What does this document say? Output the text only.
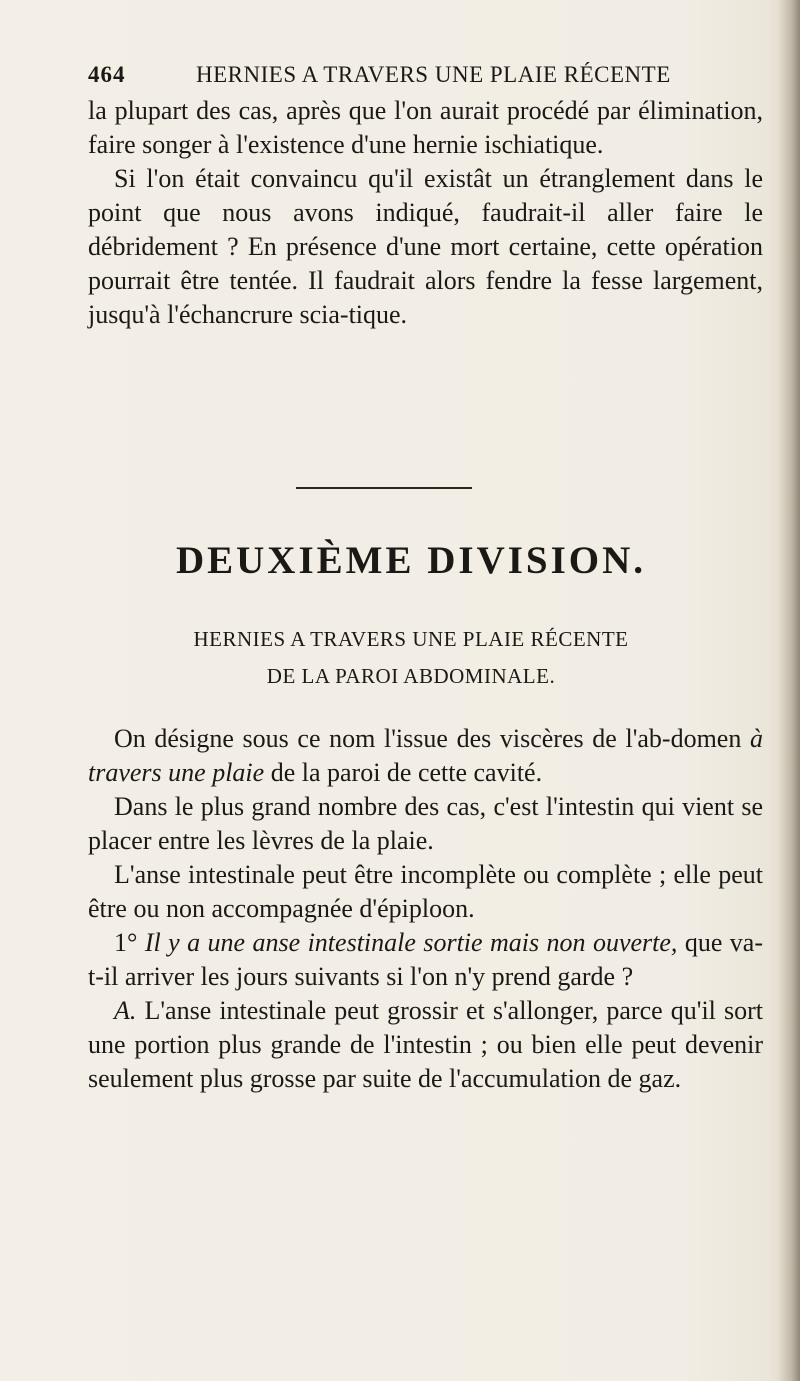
464	HERNIES A TRAVERS UNE PLAIE RÉCENTE

la plupart des cas, après que l'on aurait procédé par élimination, faire songer à l'existence d'une hernie ischiatique.

Si l'on était convaincu qu'il existât un étranglement dans le point que nous avons indiqué, faudrait-il aller faire le débridement ? En présence d'une mort certaine, cette opération pourrait être tentée. Il faudrait alors fendre la fesse largement, jusqu'à l'échancrure scia-tique.

DEUXIÈME DIVISION.
HERNIES A TRAVERS UNE PLAIE RÉCENTE
DE LA PAROI ABDOMINALE.

On désigne sous ce nom l'issue des viscères de l'ab-domen à travers une plaie de la paroi de cette cavité.

Dans le plus grand nombre des cas, c'est l'intestin qui vient se placer entre les lèvres de la plaie.

L'anse intestinale peut être incomplète ou complète ; elle peut être ou non accompagnée d'épiploon.

1° Il y a une anse intestinale sortie mais non ouverte, que va-t-il arriver les jours suivants si l'on n'y prend garde ?

A. L'anse intestinale peut grossir et s'allonger, parce qu'il sort une portion plus grande de l'intestin ; ou bien elle peut devenir seulement plus grosse par suite de l'accumulation de gaz.
